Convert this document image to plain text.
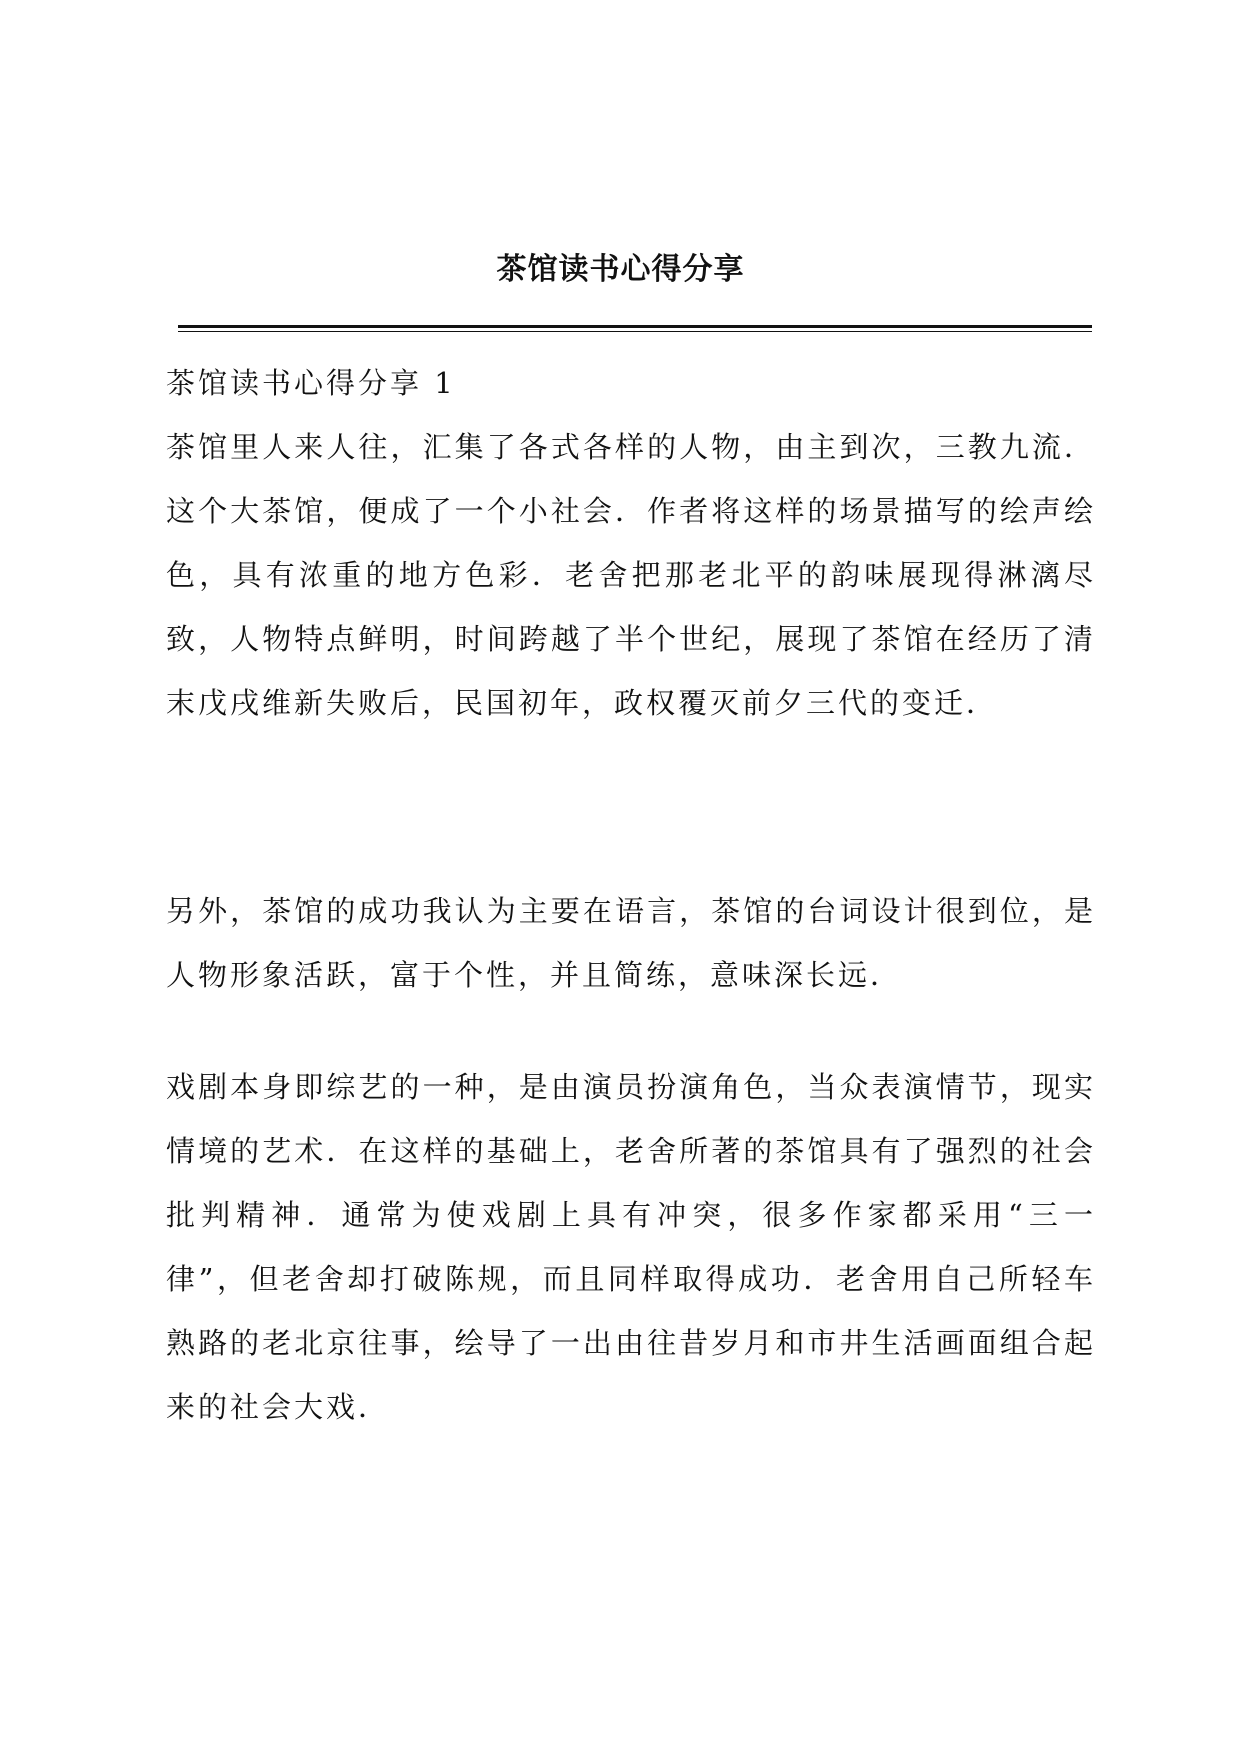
茶馆读书心得分享
茶馆读书心得分享 1
茶馆里人来人往，汇集了各式各样的人物，由主到次，三教九流．这个大茶馆，便成了一个小社会．作者将这样的场景描写的绘声绘色，具有浓重的地方色彩．老舍把那老北平的韵味展现得淋漓尽致，人物特点鲜明，时间跨越了半个世纪，展现了茶馆在经历了清末戊戌维新失败后，民国初年，政权覆灭前夕三代的变迁．
另外，茶馆的成功我认为主要在语言，茶馆的台词设计很到位，是人物形象活跃，富于个性，并且简练，意味深长远．
戏剧本身即综艺的一种，是由演员扮演角色，当众表演情节，现实情境的艺术．在这样的基础上，老舍所著的茶馆具有了强烈的社会批判精神．通常为使戏剧上具有冲突，很多作家都采用“三一律”，但老舍却打破陈规，而且同样取得成功．老舍用自己所轻车熟路的老北京往事，绘导了一出由往昔岁月和市井生活画面组合起来的社会大戏．
